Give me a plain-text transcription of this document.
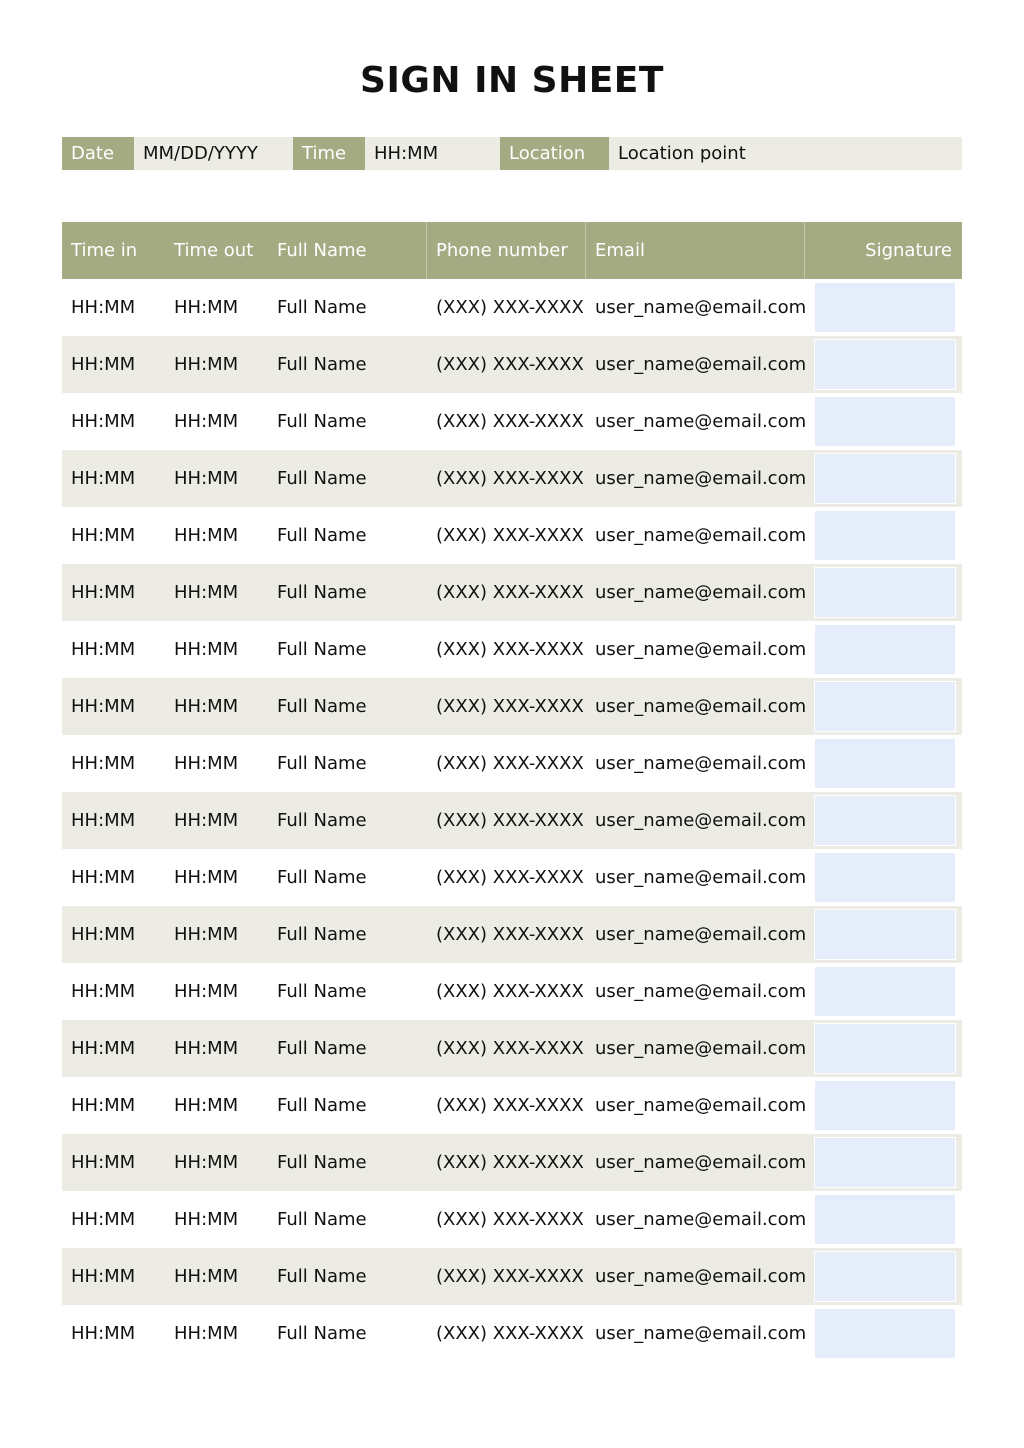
SIGN IN SHEET
Date	MM/DD/YYYY	Time	HH:MM	Location	Location point
Time in	Time out	Full Name	Phone number	Email	Signature
HH:MM	HH:MM	Full Name	(XXX) XXX-XXXX user_name@email.com
HH:MM	HH:MM	Full Name	(XXX) XXX-XXXX user_name@email.com
HH:MM	HH:MM	Full Name	(XXX) XXX-XXXX user_name@email.com
HH:MM	HH:MM	Full Name	(XXX) XXX-XXXX user_name@email.com
HH:MM	HH:MM	Full Name	(XXX) XXX-XXXX user_name@email.com
HH:MM	HH:MM	Full Name	(XXX) XXX-XXXX user_name@email.com
HH:MM	HH:MM	Full Name	(XXX) XXX-XXXX user_name@email.com
HH:MM	HH:MM	Full Name	(XXX) XXX-XXXX user_name@email.com
HH:MM	HH:MM	Full Name	(XXX) XXX-XXXX user_name@email.com
HH:MM	HH:MM	Full Name	(XXX) XXX-XXXX user_name@email.com
HH:MM	HH:MM	Full Name	(XXX) XXX-XXXX user_name@email.com
HH:MM	HH:MM	Full Name	(XXX) XXX-XXXX user_name@email.com
HH:MM	HH:MM	Full Name	(XXX) XXX-XXXX user_name@email.com
HH:MM	HH:MM	Full Name	(XXX) XXX-XXXX user_name@email.com
HH:MM	HH:MM	Full Name	(XXX) XXX-XXXX user_name@email.com
HH:MM	HH:MM	Full Name	(XXX) XXX-XXXX user_name@email.com
HH:MM	HH:MM	Full Name	(XXX) XXX-XXXX user_name@email.com
HH:MM	HH:MM	Full Name	(XXX) XXX-XXXX user_name@email.com
HH:MM	HH:MM	Full Name	(XXX) XXX-XXXX user_name@email.com
